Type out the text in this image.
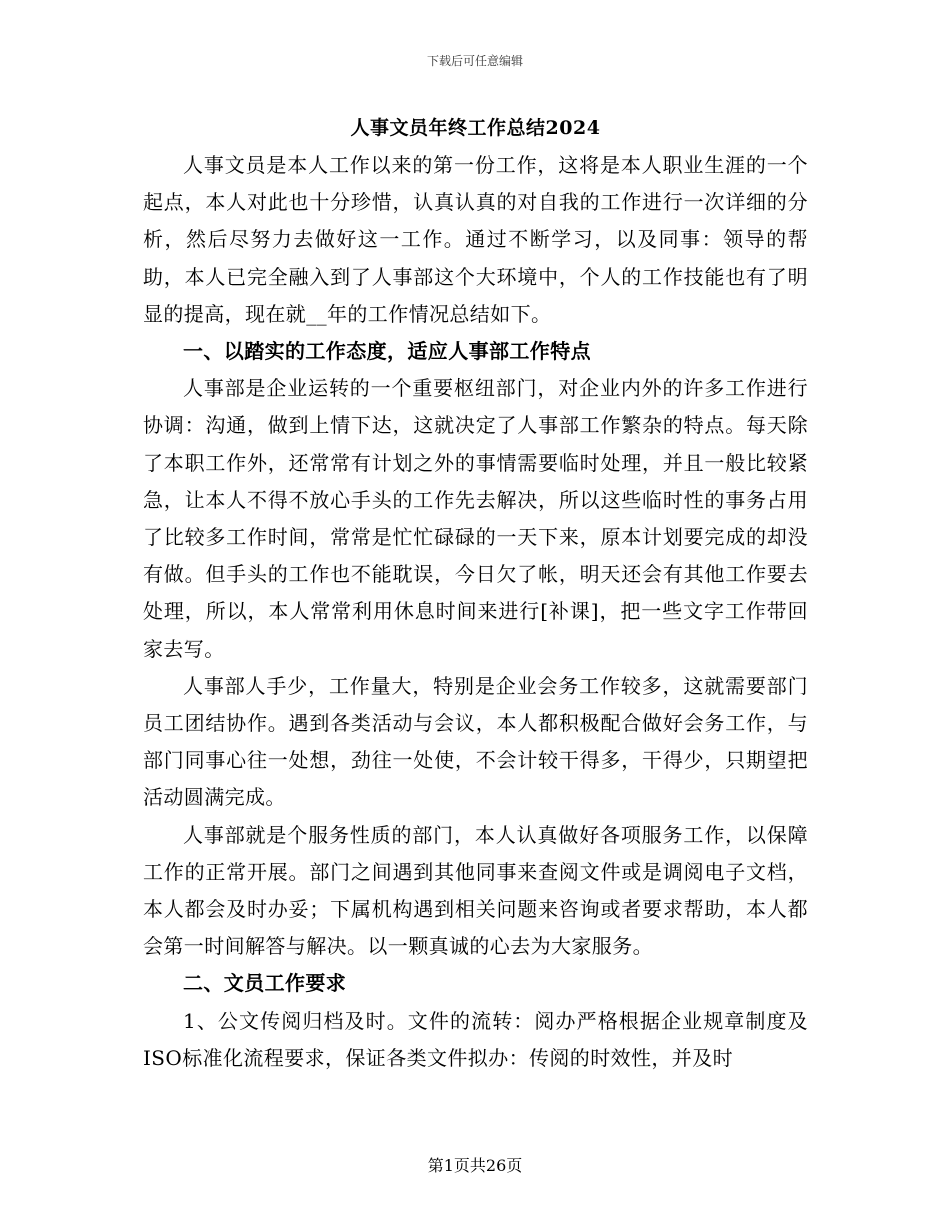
下载后可任意编辑
人事文员年终工作总结2024

人事文员是本人工作以来的第一份工作，这将是本人职业生涯的一个起点，本人对此也十分珍惜，认真认真的对自我的工作进行一次详细的分析，然后尽努力去做好这一工作。通过不断学习，以及同事：领导的帮助，本人已完全融入到了人事部这个大环境中，个人的工作技能也有了明显的提高，现在就__年的工作情况总结如下。

一、以踏实的工作态度，适应人事部工作特点

人事部是企业运转的一个重要枢纽部门，对企业内外的许多工作进行协调：沟通，做到上情下达，这就决定了人事部工作繁杂的特点。每天除了本职工作外，还常常有计划之外的事情需要临时处理，并且一般比较紧急，让本人不得不放心手头的工作先去解决，所以这些临时性的事务占用了比较多工作时间，常常是忙忙碌碌的一天下来，原本计划要完成的却没有做。但手头的工作也不能耽误，今日欠了帐，明天还会有其他工作要去处理，所以，本人常常利用休息时间来进行[补课]，把一些文字工作带回家去写。

人事部人手少，工作量大，特别是企业会务工作较多，这就需要部门员工团结协作。遇到各类活动与会议，本人都积极配合做好会务工作，与部门同事心往一处想，劲往一处使，不会计较干得多，干得少，只期望把活动圆满完成。

人事部就是个服务性质的部门，本人认真做好各项服务工作，以保障工作的正常开展。部门之间遇到其他同事来查阅文件或是调阅电子文档，本人都会及时办妥；下属机构遇到相关问题来咨询或者要求帮助，本人都会第一时间解答与解决。以一颗真诚的心去为大家服务。

二、文员工作要求

1、公文传阅归档及时。文件的流转：阅办严格根据企业规章制度及ISO标准化流程要求，保证各类文件拟办：传阅的时效性，并及时

第1页共26页
